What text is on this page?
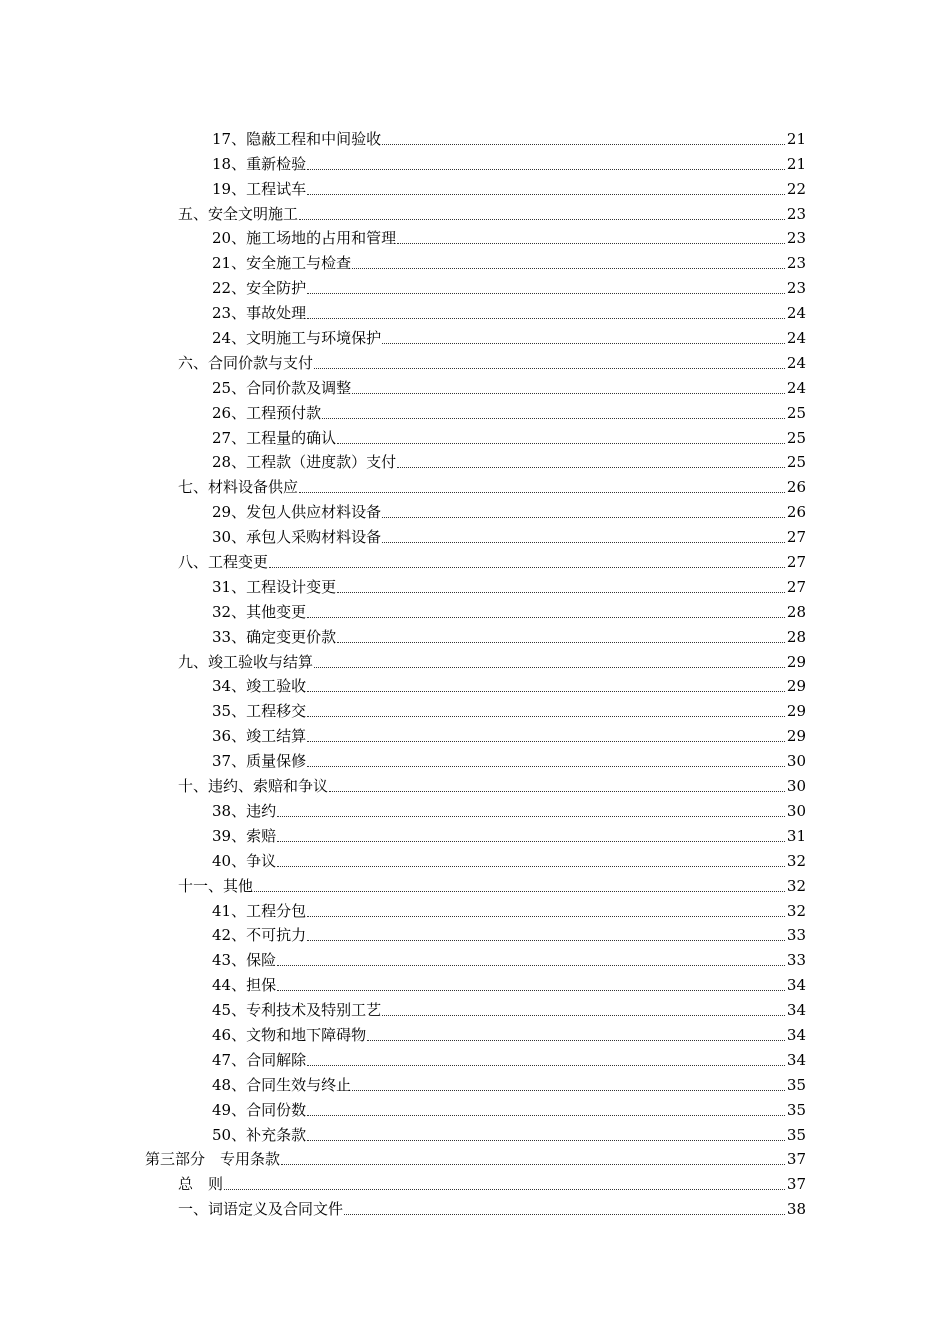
17、隐蔽工程和中间验收	21
18、重新检验	21
19、工程试车	22
五、安全文明施工	23
20、施工场地的占用和管理	23
21、安全施工与检查	23
22、安全防护	23
23、事故处理	24
24、文明施工与环境保护	24
六、合同价款与支付	24
25、合同价款及调整	24
26、工程预付款	25
27、工程量的确认	25
28、工程款（进度款）支付	25
七、材料设备供应	26
29、发包人供应材料设备	26
30、承包人采购材料设备	27
八、工程变更	27
31、工程设计变更	27
32、其他变更	28
33、确定变更价款	28
九、竣工验收与结算	29
34、竣工验收	29
35、工程移交	29
36、竣工结算	29
37、质量保修	30
十、违约、索赔和争议	30
38、违约	30
39、索赔	31
40、争议	32
十一、其他	32
41、工程分包	32
42、不可抗力	33
43、保险	33
44、担保	34
45、专利技术及特别工艺	34
46、文物和地下障碍物	34
47、合同解除	34
48、合同生效与终止	35
49、合同份数	35
50、补充条款	35
第三部分　专用条款	37
总　则	37
一、词语定义及合同文件	38
